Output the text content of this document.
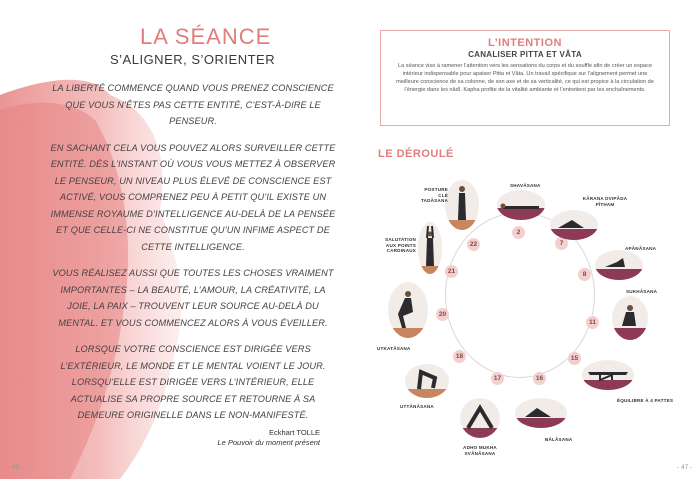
LA SÉANCE
S’ALIGNER, S’ORIENTER

LA LIBERTÉ COMMENCE QUAND VOUS PRENEZ CONSCIENCE QUE VOUS N’ÊTES PAS CETTE ENTITÉ, C’EST-À-DIRE LE PENSEUR.

EN SACHANT CELA VOUS POUVEZ ALORS SURVEILLER CETTE ENTITÉ. DÈS L’INSTANT OÙ VOUS VOUS METTEZ À OBSERVER LE PENSEUR, UN NIVEAU PLUS ÉLEVÉ DE CONSCIENCE EST ACTIVÉ, VOUS COMPRENEZ PEU À PETIT QU’IL EXISTE UN IMMENSE ROYAUME D’INTELLIGENCE AU-DELÀ DE LA PENSÉE ET QUE CELLE-CI NE CONSTITUE QU’UN INFIME ASPECT DE CETTE INTELLIGENCE.

VOUS RÉALISEZ AUSSI QUE TOUTES LES CHOSES VRAIMENT IMPORTANTES – LA BEAUTÉ, L’AMOUR, LA CRÉATIVITÉ, LA JOIE, LA PAIX – TROUVENT LEUR SOURCE AU-DELÀ DU MENTAL. ET VOUS COMMENCEZ ALORS À VOUS ÉVEILLER.

LORSQUE VOTRE CONSCIENCE EST DIRIGÉE VERS L’EXTÉRIEUR, LE MONDE ET LE MENTAL VOIENT LE JOUR. LORSQU’ELLE EST DIRIGÉE VERS L’INTÉRIEUR, ELLE ACTUALISE SA PROPRE SOURCE ET RETOURNE À SA DEMEURE ORIGINELLE DANS LE NON-MANIFESTÉ.

Eckhart TOLLE
Le Pouvoir du moment présent
- 46 -
L’INTENTION
CANALISER PITTA ET VÂTA

La séance vise à ramener l’attention vers les sensations du corps et du souffle afin de créer un espace intérieur indispensable pour apaiser Pitta et Vâta. Un travail spécifique sur l’alignement permet une meilleure conscience de sa colonne, de son axe et de sa verticalité, ce qui est propice à la circulation de l’énergie dans les nâdî. Kapha profite de la vitalité ambiante et l’entretient par les enchaînements.

LE DÉROULÉ
2
7
8
11
15
16
17
18
20
21
22
POSTURE CLÉ TADÂSANA
SHAVÂSANA
KÂRANA DVIPÂDA PÎTHAM
APÂNÂSANA
SUKHÂSANA
ÉQUILIBRE À 4 PATTES
BÂLÂSANA
ADHO MUKHA SVÂNÂSANA
UTTÂNÂSANA
UTKATÂSANA
SALUTATION AUX POINTS CARDINAUX
- 47 -
